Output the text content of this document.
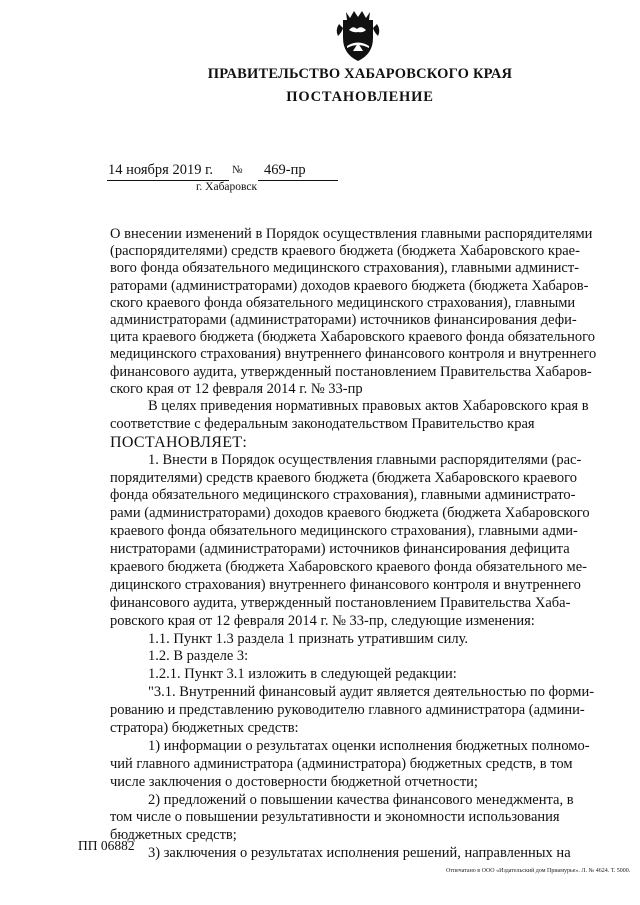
ПРАВИТЕЛЬСТВО ХАБАРОВСКОГО КРАЯ
ПОСТАНОВЛЕНИЕ
14 ноября 2019 г. № 469-пр
г. Хабаровск
О внесении изменений в Порядок осуществления главными распорядителями
(распорядителями) средств краевого бюджета (бюджета Хабаровского крае-
вого фонда обязательного медицинского страхования), главными админист-
раторами (администраторами) доходов краевого бюджета (бюджета Хабаров-
ского краевого фонда обязательного медицинского страхования), главными
администраторами (администраторами) источников финансирования дефи-
цита краевого бюджета (бюджета Хабаровского краевого фонда обязательного
медицинского страхования) внутреннего финансового контроля и внутреннего
финансового аудита, утвержденный постановлением Правительства Хабаров-
ского края от 12 февраля 2014 г. № 33-пр
В целях приведения нормативных правовых актов Хабаровского края в
соответствие с федеральным законодательством Правительство края
ПОСТАНОВЛЯЕТ:
1. Внести в Порядок осуществления главными распорядителями (рас-
порядителями) средств краевого бюджета (бюджета Хабаровского краевого
фонда обязательного медицинского страхования), главными администрато-
рами (администраторами) доходов краевого бюджета (бюджета Хабаровского
краевого фонда обязательного медицинского страхования), главными адми-
нистраторами (администраторами) источников финансирования дефицита
краевого бюджета (бюджета Хабаровского краевого фонда обязательного ме-
дицинского страхования) внутреннего финансового контроля и внутреннего
финансового аудита, утвержденный постановлением Правительства Хаба-
ровского края от 12 февраля 2014 г. № 33-пр, следующие изменения:
1.1. Пункт 1.3 раздела 1 признать утратившим силу.
1.2. В разделе 3:
1.2.1. Пункт 3.1 изложить в следующей редакции:
"3.1. Внутренний финансовый аудит является деятельностью по форми-
рованию и представлению руководителю главного администратора (админи-
стратора) бюджетных средств:
1) информации о результатах оценки исполнения бюджетных полномо-
чий главного администратора (администратора) бюджетных средств, в том
числе заключения о достоверности бюджетной отчетности;
2) предложений о повышении качества финансового менеджмента, в
том числе о повышении результативности и экономности использования
бюджетных средств;
3) заключения о результатах исполнения решений, направленных на
ПП 06882
Отпечатано в ООО «Издательский дом Приамурье». Л. № 4624. Т. 5000.
